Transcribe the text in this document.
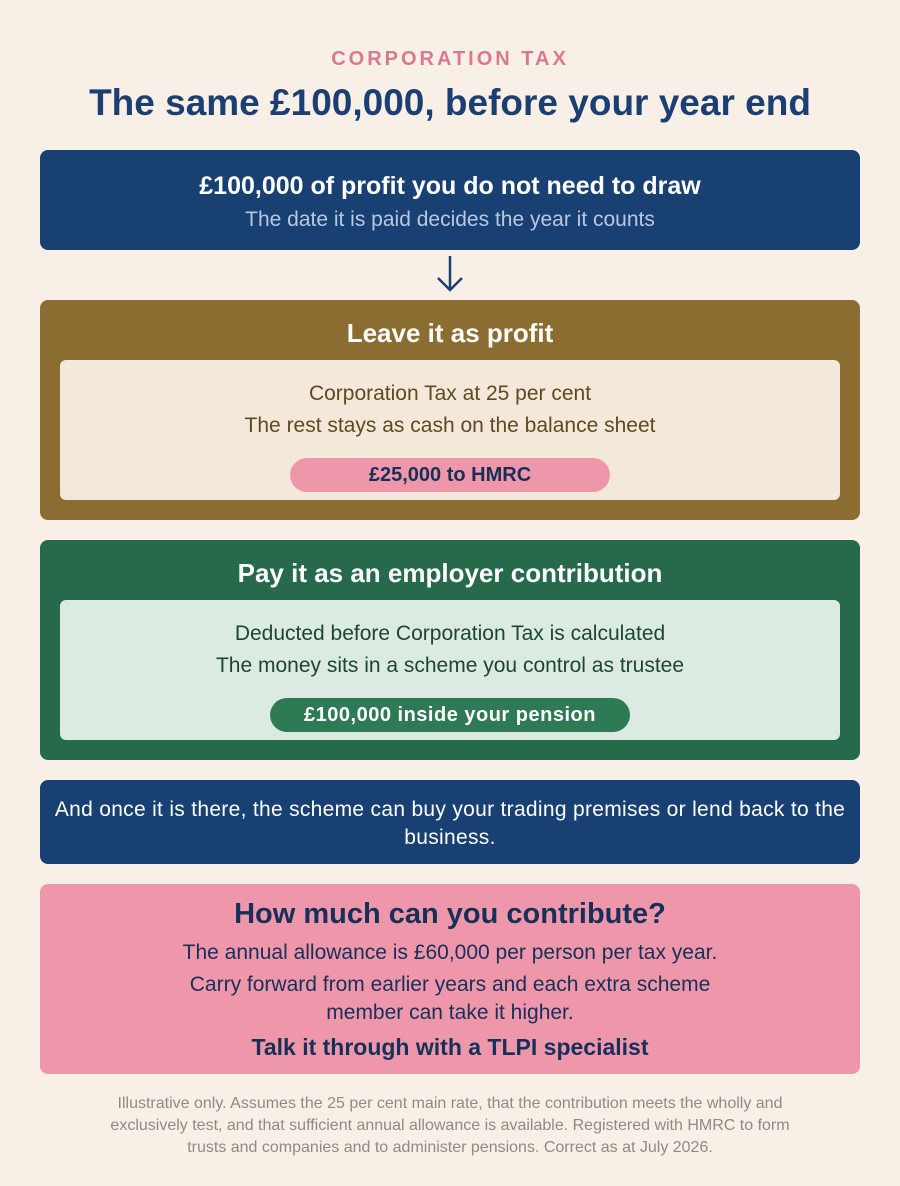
CORPORATION TAX
The same £100,000, before your year end
£100,000 of profit you do not need to draw
The date it is paid decides the year it counts
Leave it as profit
Corporation Tax at 25 per cent
The rest stays as cash on the balance sheet
£25,000 to HMRC
Pay it as an employer contribution
Deducted before Corporation Tax is calculated
The money sits in a scheme you control as trustee
£100,000 inside your pension
And once it is there, the scheme can buy your trading premises or lend back to the business.
How much can you contribute?
The annual allowance is £60,000 per person per tax year.
Carry forward from earlier years and each extra scheme member can take it higher.
Talk it through with a TLPI specialist
Illustrative only. Assumes the 25 per cent main rate, that the contribution meets the wholly and exclusively test, and that sufficient annual allowance is available. Registered with HMRC to form trusts and companies and to administer pensions. Correct as at July 2026.
